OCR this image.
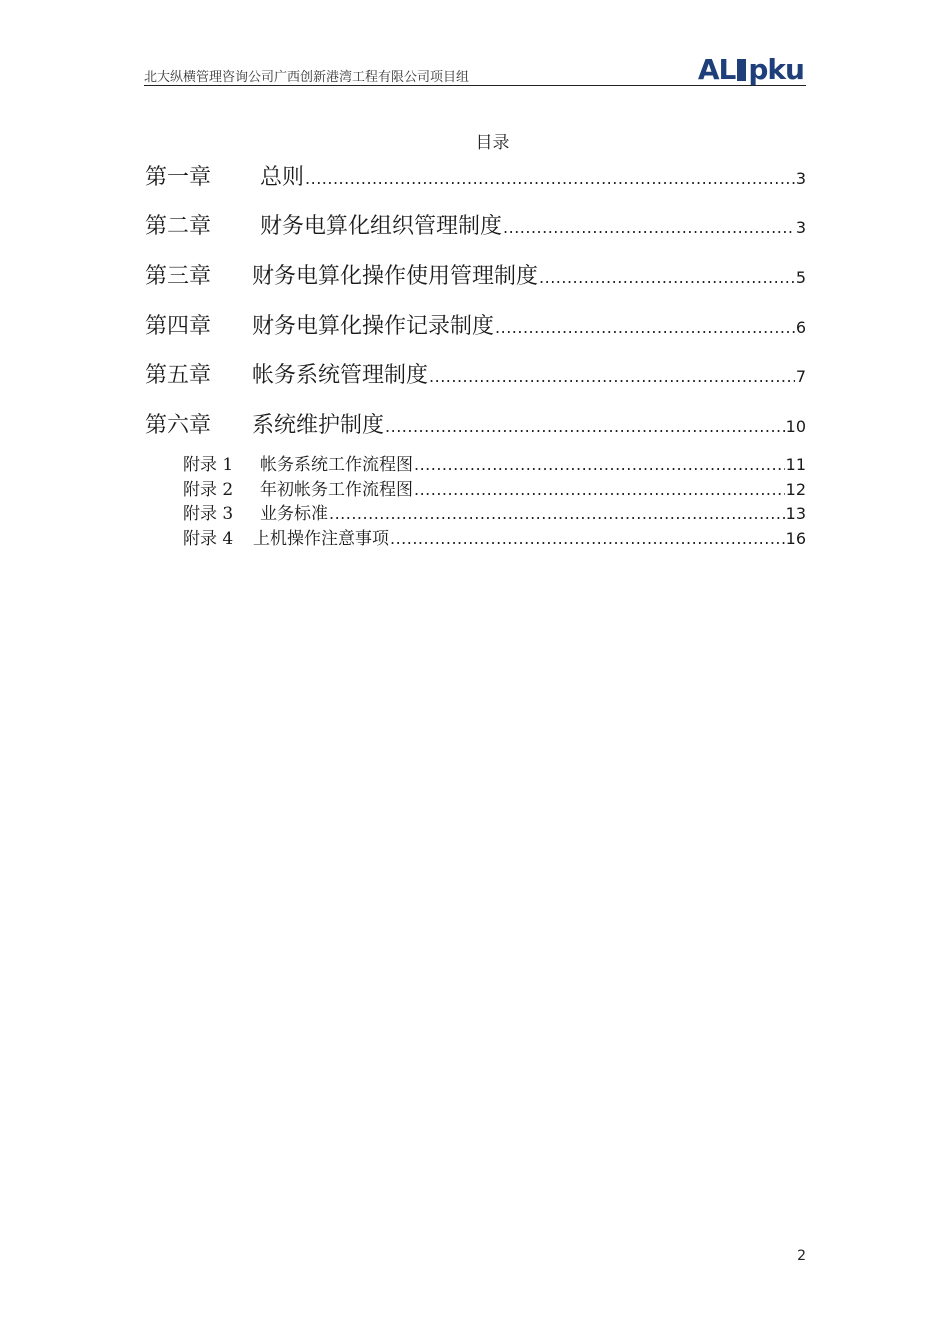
北大纵横管理咨询公司广西创新港湾工程有限公司项目组	AL pku
目录
第一章	总则 .....	3
第二章	财务电算化组织管理制度 .....	3
第三章	财务电算化操作使用管理制度 .....	5
第四章	财务电算化操作记录制度 .....	6
第五章	帐务系统管理制度 .....	7
第六章	系统维护制度 .....	10
附录 1	帐务系统工作流程图 .....	11
附录 2	年初帐务工作流程图 .....	12
附录 3	业务标准 .....	13
附录 4	上机操作注意事项 .....	16
2
